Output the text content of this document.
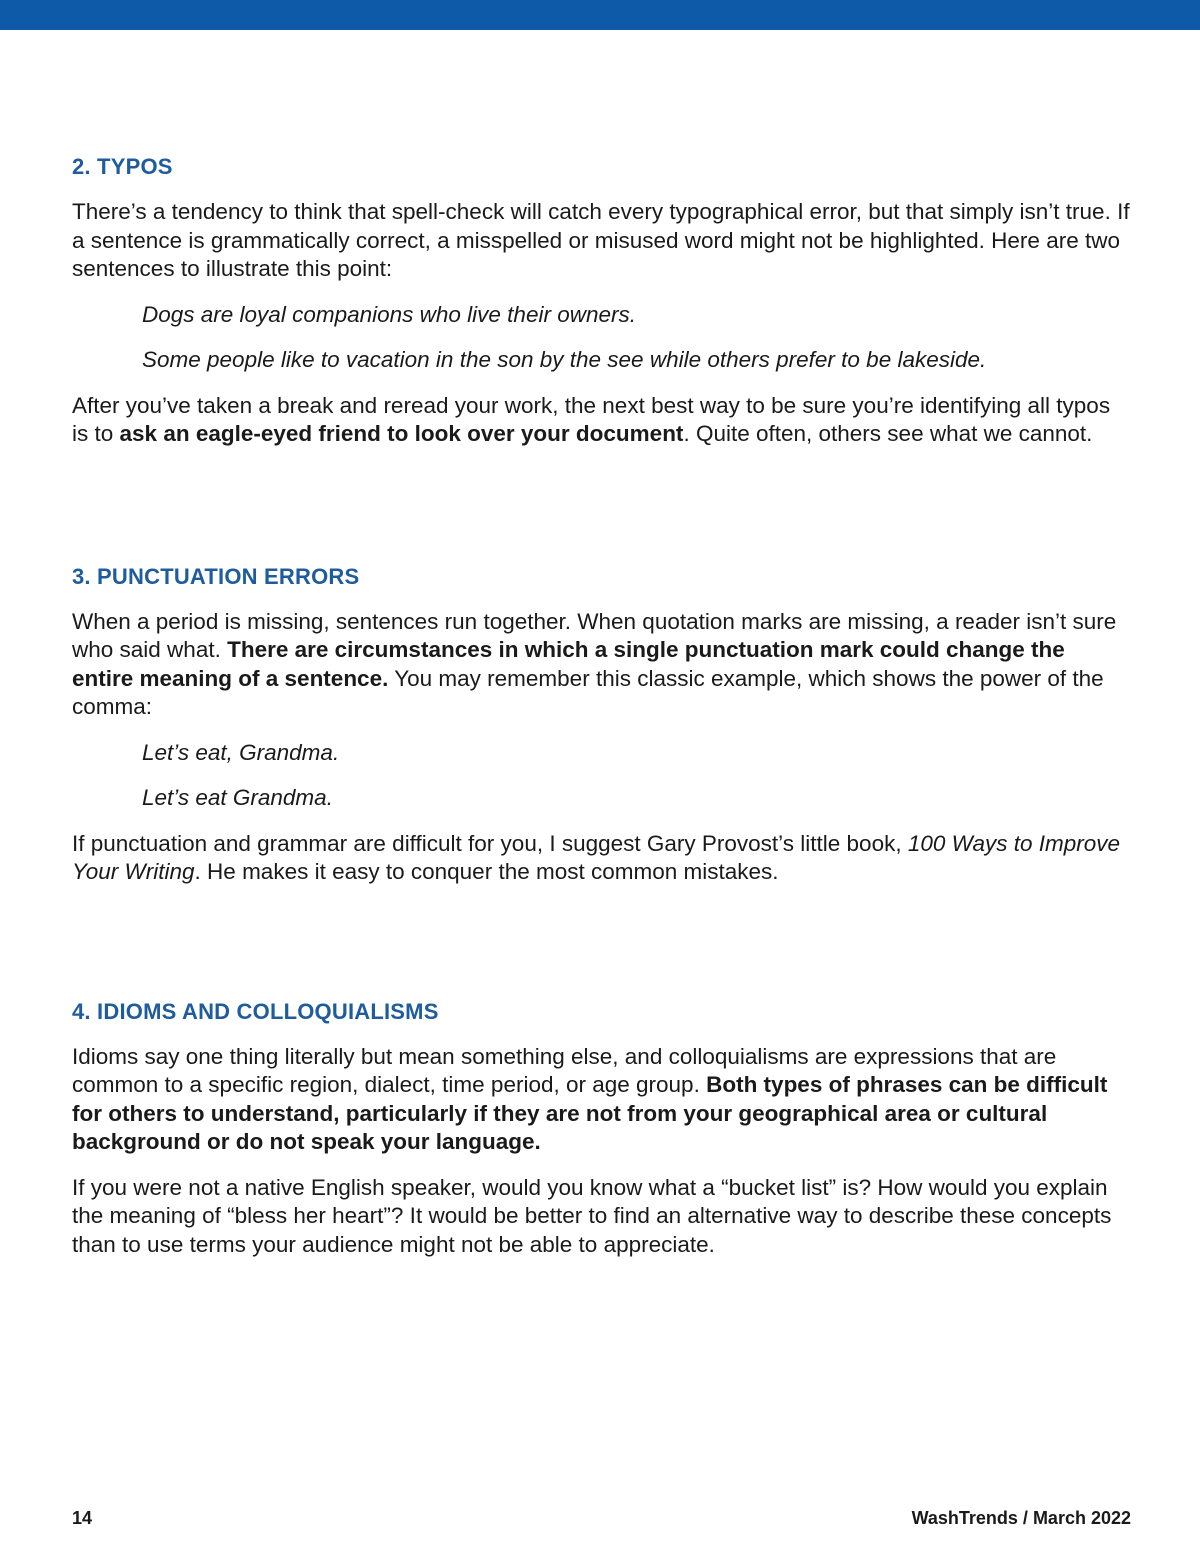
2. TYPOS

There’s a tendency to think that spell-check will catch every typographical error, but that simply isn’t true. If a sentence is grammatically correct, a misspelled or misused word might not be highlighted. Here are two sentences to illustrate this point:

Dogs are loyal companions who live their owners.

Some people like to vacation in the son by the see while others prefer to be lakeside.

After you’ve taken a break and reread your work, the next best way to be sure you’re identifying all typos is to ask an eagle-eyed friend to look over your document. Quite often, others see what we cannot.

3. PUNCTUATION ERRORS

When a period is missing, sentences run together. When quotation marks are missing, a reader isn’t sure who said what. There are circumstances in which a single punctuation mark could change the entire meaning of a sentence. You may remember this classic example, which shows the power of the comma:

Let’s eat, Grandma.

Let’s eat Grandma.

If punctuation and grammar are difficult for you, I suggest Gary Provost’s little book, 100 Ways to Improve Your Writing. He makes it easy to conquer the most common mistakes.

4. IDIOMS AND COLLOQUIALISMS

Idioms say one thing literally but mean something else, and colloquialisms are expressions that are common to a specific region, dialect, time period, or age group. Both types of phrases can be difficult for others to understand, particularly if they are not from your geographical area or cultural background or do not speak your language.

If you were not a native English speaker, would you know what a “bucket list” is? How would you explain the meaning of “bless her heart”? It would be better to find an alternative way to describe these concepts than to use terms your audience might not be able to appreciate.

14	WashTrends / March 2022
